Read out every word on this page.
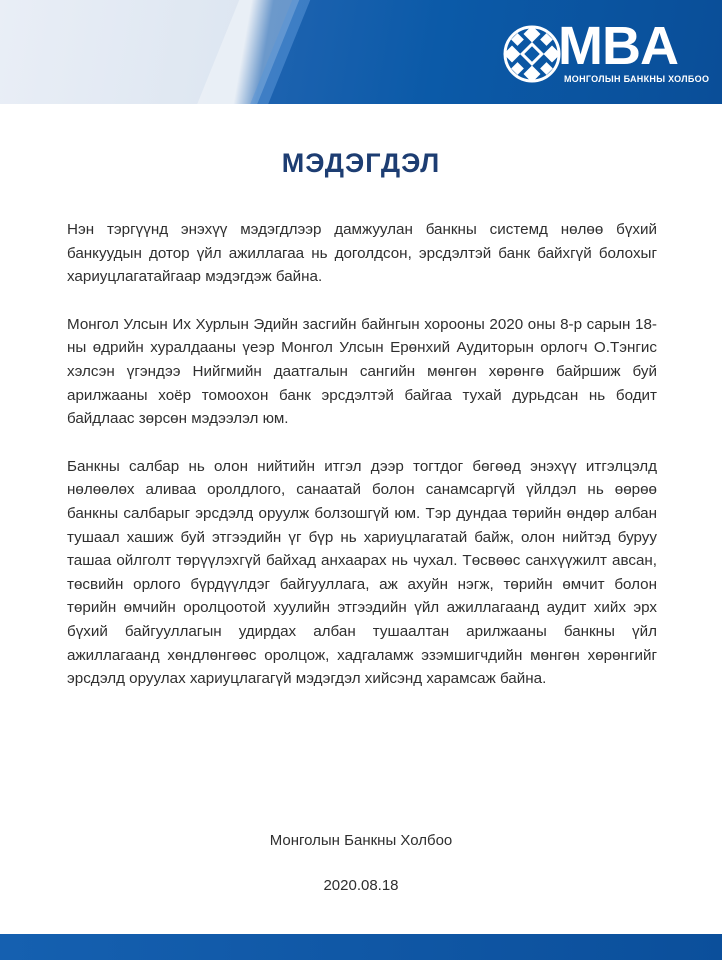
MBA
МОНГОЛЫН БАНКНЫ ХОЛБОО
МЭДЭГДЭЛ

Нэн тэргүүнд энэхүү мэдэгдлээр дамжуулан банкны системд нөлөө бүхий банкуудын дотор үйл ажиллагаа нь доголдсон, эрсдэлтэй банк байхгүй болохыг хариуцлагатайгаар мэдэгдэж байна.

Монгол Улсын Их Хурлын Эдийн засгийн байнгын хорооны 2020 оны 8-р сарын 18-ны өдрийн хуралдааны үеэр Монгол Улсын Ерөнхий Аудиторын орлогч О.Тэнгис хэлсэн үгэндээ Нийгмийн даатгалын сангийн мөнгөн хөрөнгө байршиж буй арилжааны хоёр томоохон банк эрсдэлтэй байгаа тухай дурьдсан нь бодит байдлаас зөрсөн мэдээлэл юм.

Банкны салбар нь олон нийтийн итгэл дээр тогтдог бөгөөд энэхүү итгэлцэлд нөлөөлөх аливаа оролдлого, санаатай болон санамсаргүй үйлдэл нь өөрөө банкны салбарыг эрсдэлд оруулж болзошгүй юм. Тэр дундаа төрийн өндөр албан тушаал хашиж буй этгээдийн үг бүр нь хариуцлагатай байж, олон нийтэд буруу ташаа ойлголт төрүүлэхгүй байхад анхаарах нь чухал. Төсвөөс санхүүжилт авсан, төсвийн орлого бүрдүүлдэг байгууллага, аж ахуйн нэгж, төрийн өмчит болон төрийн өмчийн оролцоотой хуулийн этгээдийн үйл ажиллагаанд аудит хийх эрх бүхий байгууллагын удирдах албан тушаалтан арилжааны банкны үйл ажиллагаанд хөндлөнгөөс оролцож, хадгаламж эзэмшигчдийн мөнгөн хөрөнгийг эрсдэлд оруулах хариуцлагагүй мэдэгдэл хийсэнд харамсаж байна.

Монголын Банкны Холбоо
2020.08.18
